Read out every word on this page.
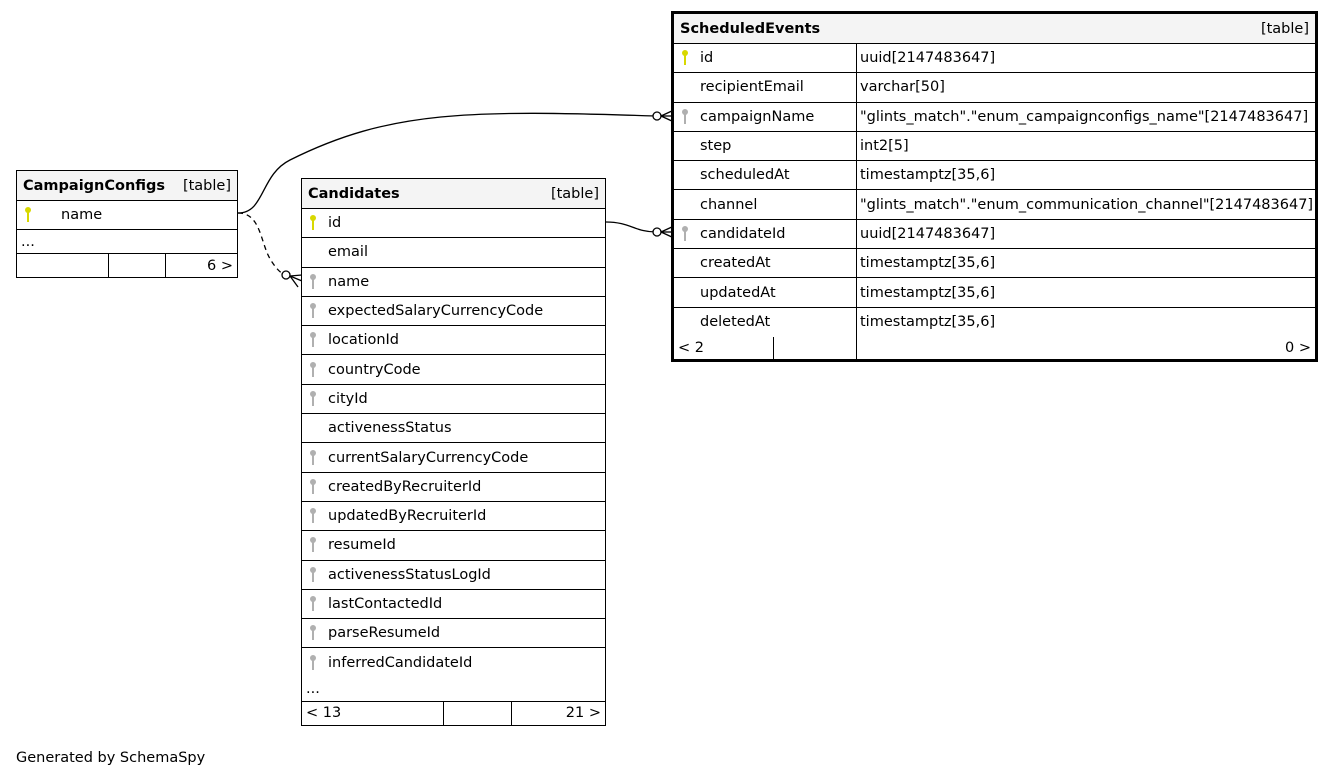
CampaignConfigs [table]
name
...
6 >
Candidates	[table]
id
email
name
expectedSalaryCurrencyCode
locationId
countryCode
cityId
activenessStatus
currentSalaryCurrencyCode
createdByRecruiterId
updatedByRecruiterId
resumeId
activenessStatusLogId
lastContactedId
parseResumeId
inferredCandidateId
...
< 13	21 >
ScheduledEvents	[table]
id	uuid[2147483647]
recipientEmail	varchar[50]
campaignName	"glints_match"."enum_campaignconfigs_name"[2147483647]
step	int2[5]
scheduledAt	timestamptz[35,6]
channel	"glints_match"."enum_communication_channel"[2147483647]
candidateId	uuid[2147483647]
createdAt	timestamptz[35,6]
updatedAt	timestamptz[35,6]
deletedAt	timestamptz[35,6]
< 2	0 >
Generated by SchemaSpy
